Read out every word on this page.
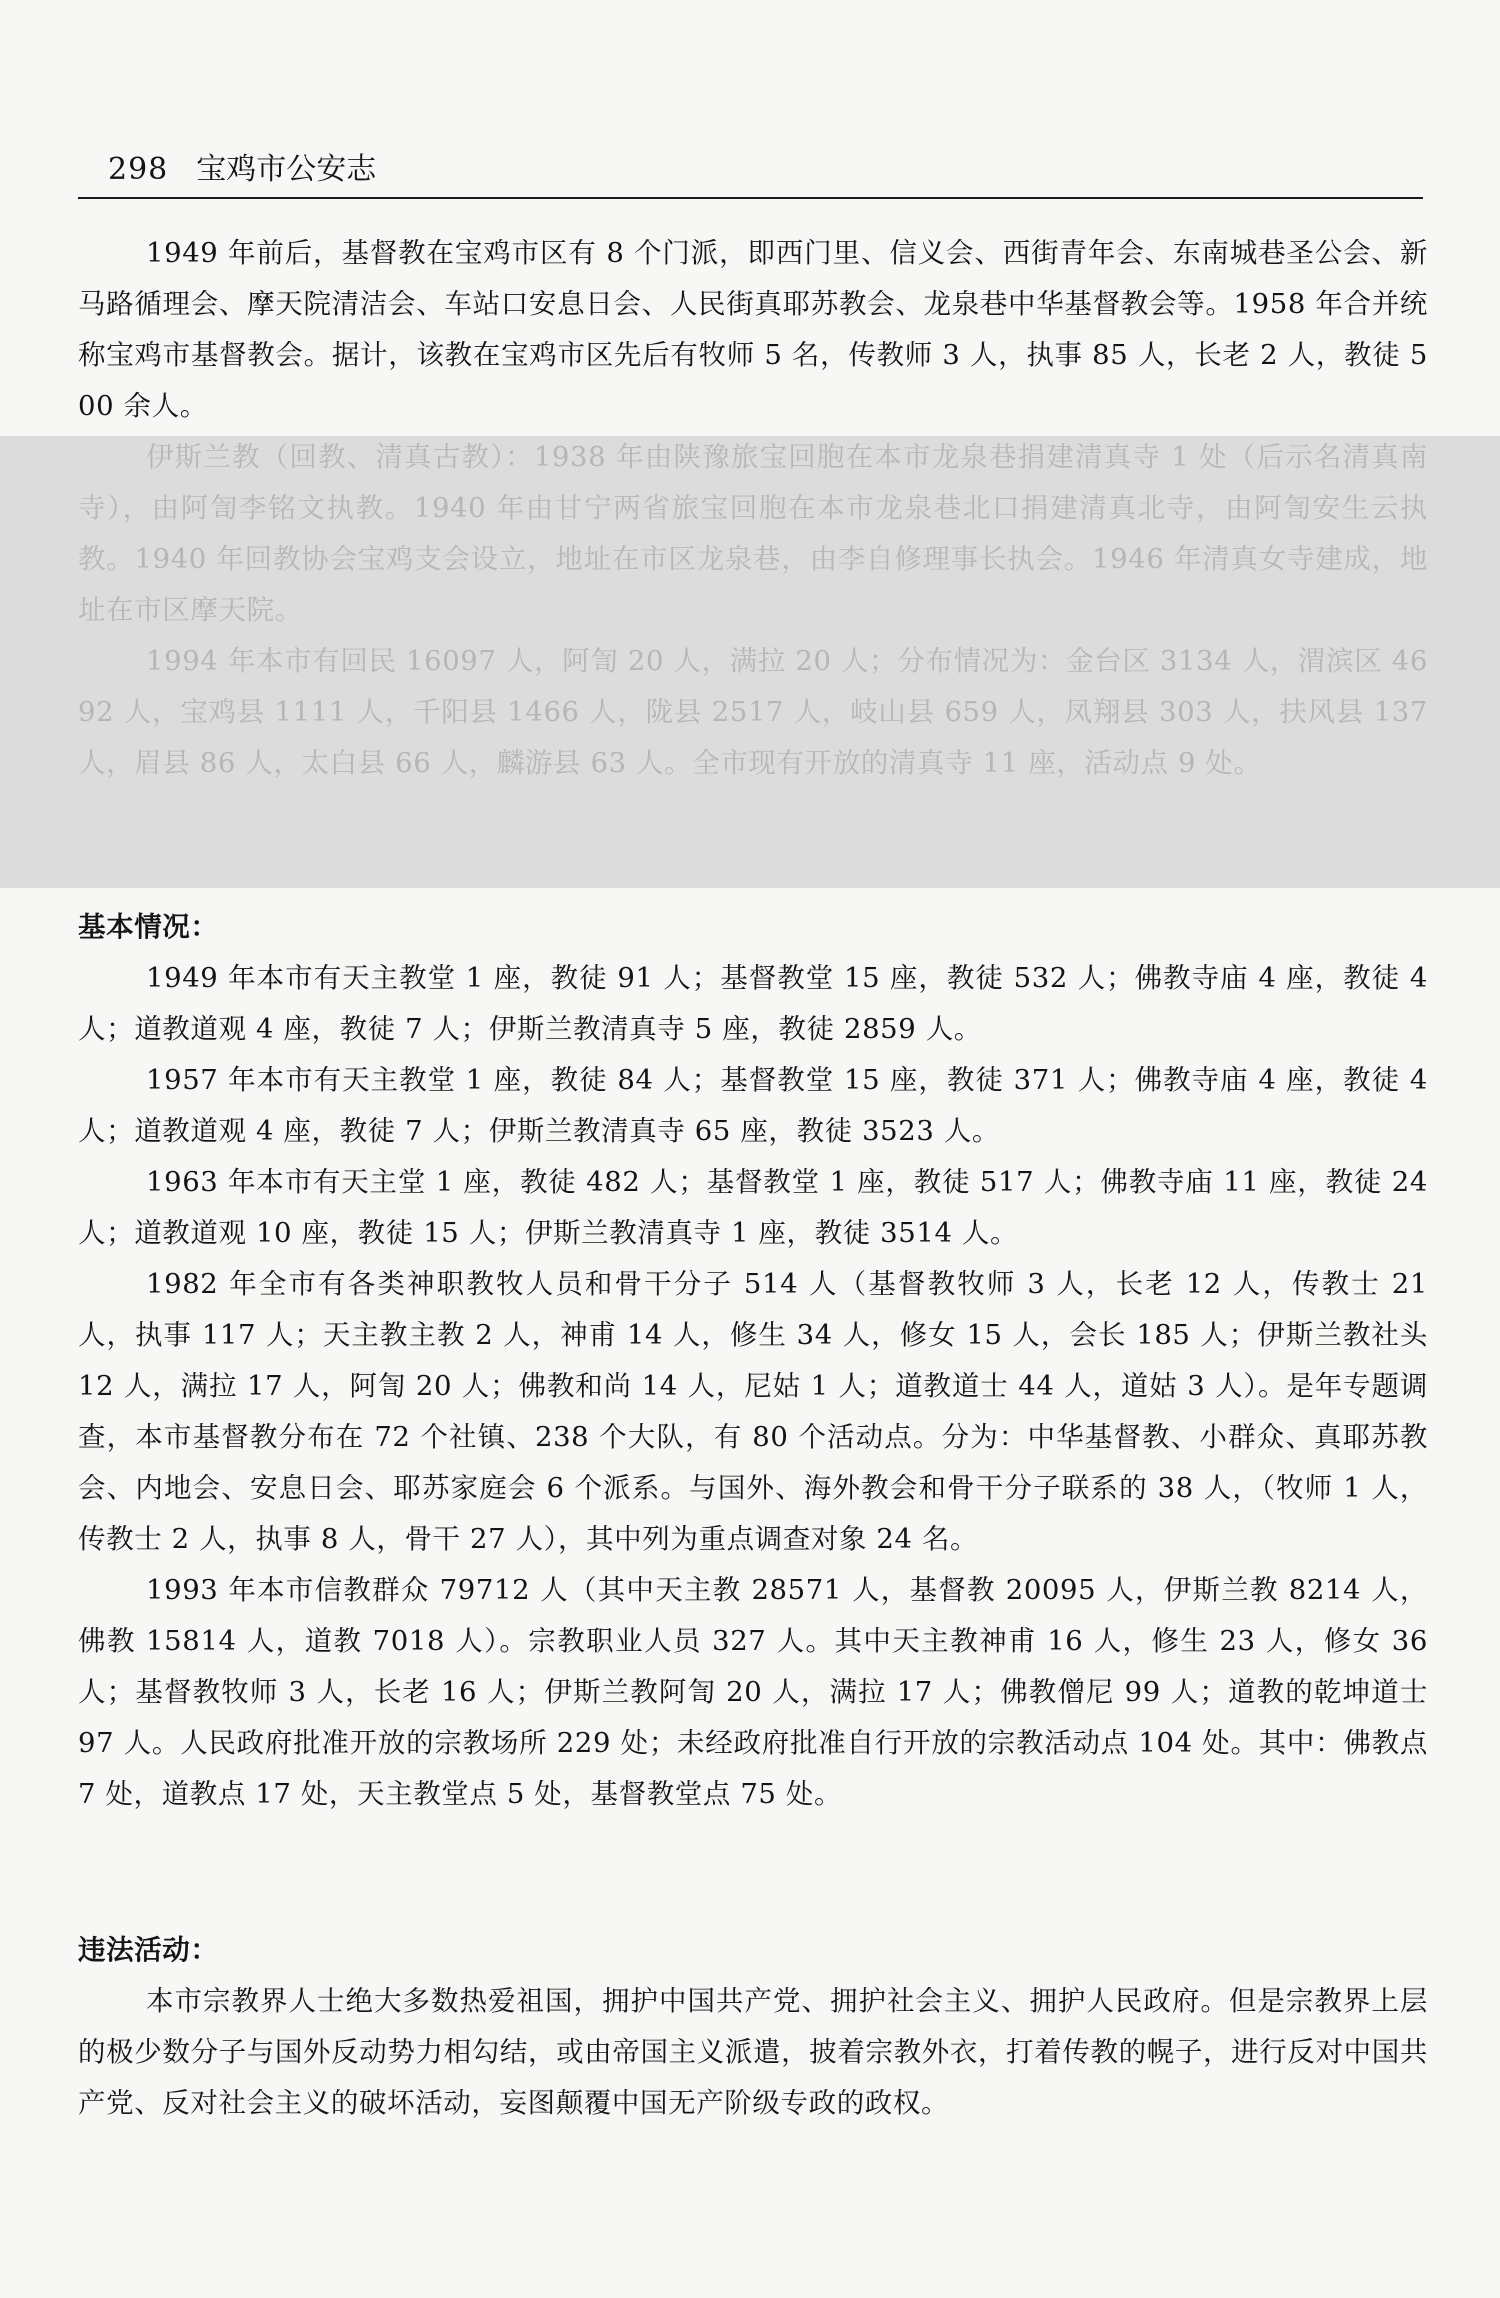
298 宝鸡市公安志

1949 年前后，基督教在宝鸡市区有 8 个门派，即西门里、信义会、西街青年会、东南城巷圣公会、新马路循理会、摩天院清洁会、车站口安息日会、人民街真耶苏教会、龙泉巷中华基督教会等。1958 年合并统称宝鸡市基督教会。据计，该教在宝鸡市区先后有牧师 5 名，传教师 3 人，执事 85 人，长老 2 人，教徒 500 余人。

伊斯兰教（回教、清真古教）：1938 年由陕豫旅宝回胞在本市龙泉巷捐建清真寺 1 处（后示名清真南寺），由阿訇李铭文执教。1940 年由甘宁两省旅宝回胞在本市龙泉巷北口捐建清真北寺，由阿訇安生云执教。1940 年回教协会宝鸡支会设立，地址在市区龙泉巷，由李自修理事长执会。1946 年清真女寺建成，地址在市区摩天院。

1994 年本市有回民 16097 人，阿訇 20 人，满拉 20 人；分布情况为：金台区 3134 人，渭滨区 4692 人，宝鸡县 1111 人，千阳县 1466 人，陇县 2517 人，岐山县 659 人，凤翔县 303 人，扶风县 137 人，眉县 86 人，太白县 66 人，麟游县 63 人。全市现有开放的清真寺 11 座，活动点 9 处。

基本情况：

1949 年本市有天主教堂 1 座，教徒 91 人；基督教堂 15 座，教徒 532 人；佛教寺庙 4 座，教徒 4 人；道教道观 4 座，教徒 7 人；伊斯兰教清真寺 5 座，教徒 2859 人。

1957 年本市有天主教堂 1 座，教徒 84 人；基督教堂 15 座，教徒 371 人；佛教寺庙 4 座，教徒 4 人；道教道观 4 座，教徒 7 人；伊斯兰教清真寺 65 座，教徒 3523 人。

1963 年本市有天主堂 1 座，教徒 482 人；基督教堂 1 座，教徒 517 人；佛教寺庙 11 座，教徒 24 人；道教道观 10 座，教徒 15 人；伊斯兰教清真寺 1 座，教徒 3514 人。

1982 年全市有各类神职教牧人员和骨干分子 514 人（基督教牧师 3 人，长老 12 人，传教士 21 人，执事 117 人；天主教主教 2 人，神甫 14 人，修生 34 人，修女 15 人，会长 185 人；伊斯兰教社头 12 人，满拉 17 人，阿訇 20 人；佛教和尚 14 人，尼姑 1 人；道教道士 44 人，道姑 3 人）。是年专题调查，本市基督教分布在 72 个社镇、238 个大队，有 80 个活动点。分为：中华基督教、小群众、真耶苏教会、内地会、安息日会、耶苏家庭会 6 个派系。与国外、海外教会和骨干分子联系的 38 人，（牧师 1 人，传教士 2 人，执事 8 人，骨干 27 人），其中列为重点调查对象 24 名。

1993 年本市信教群众 79712 人（其中天主教 28571 人，基督教 20095 人，伊斯兰教 8214 人，佛教 15814 人，道教 7018 人）。宗教职业人员 327 人。其中天主教神甫 16 人，修生 23 人，修女 36 人；基督教牧师 3 人，长老 16 人；伊斯兰教阿訇 20 人，满拉 17 人；佛教僧尼 99 人；道教的乾坤道士 97 人。人民政府批准开放的宗教场所 229 处；未经政府批准自行开放的宗教活动点 104 处。其中：佛教点 7 处，道教点 17 处，天主教堂点 5 处，基督教堂点 75 处。

违法活动：

本市宗教界人士绝大多数热爱祖国，拥护中国共产党、拥护社会主义、拥护人民政府。但是宗教界上层的极少数分子与国外反动势力相勾结，或由帝国主义派遣，披着宗教外衣，打着传教的幌子，进行反对中国共产党、反对社会主义的破坏活动，妄图颠覆中国无产阶级专政的政权。
